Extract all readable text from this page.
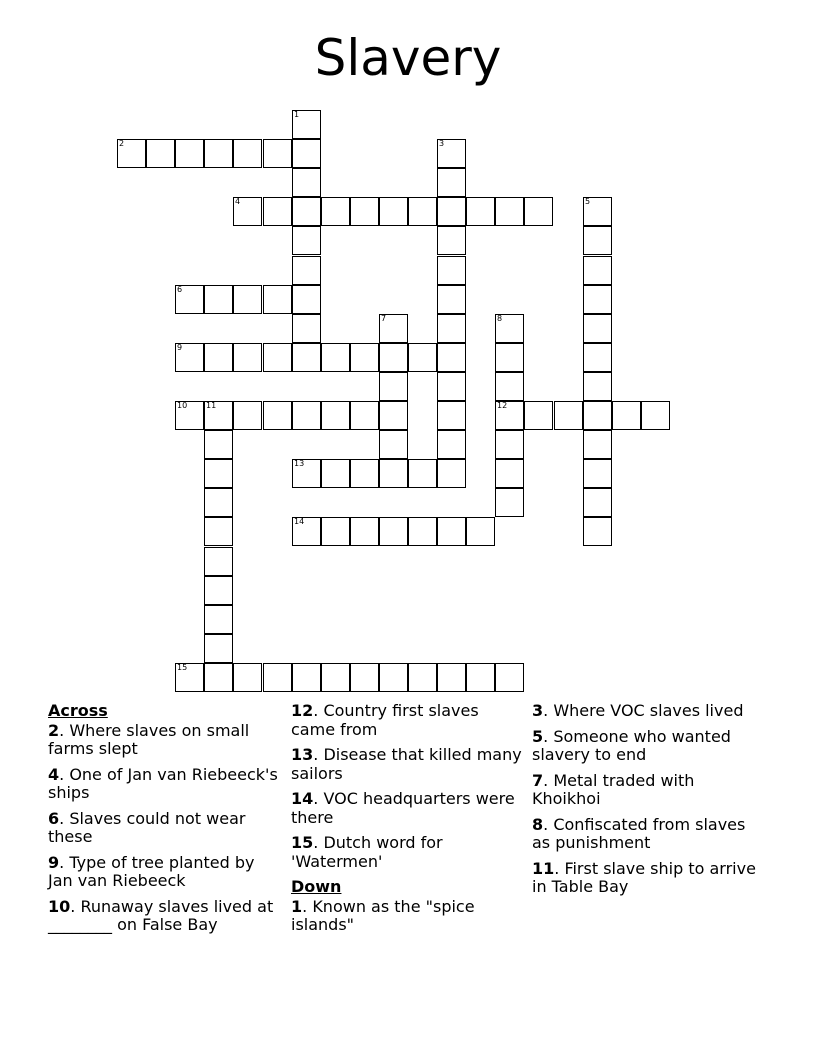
Slavery
1
2	3
4	5
6
7	8
12
9
10 11
13
14
15
Across
2. Where slaves on small farms slept
4. One of Jan van Riebeeck's ships
6. Slaves could not wear these
9. Type of tree planted by Jan van Riebeeck
10. Runaway slaves lived at ________ on False Bay
12. Country first slaves came from
13. Disease that killed many sailors
14. VOC headquarters were there
15. Dutch word for 'Watermen'
Down
1. Known as the "spice islands"
3. Where VOC slaves lived
5. Someone who wanted slavery to end
7. Metal traded with Khoikhoi
8. Confiscated from slaves as punishment
11. First slave ship to arrive in Table Bay
